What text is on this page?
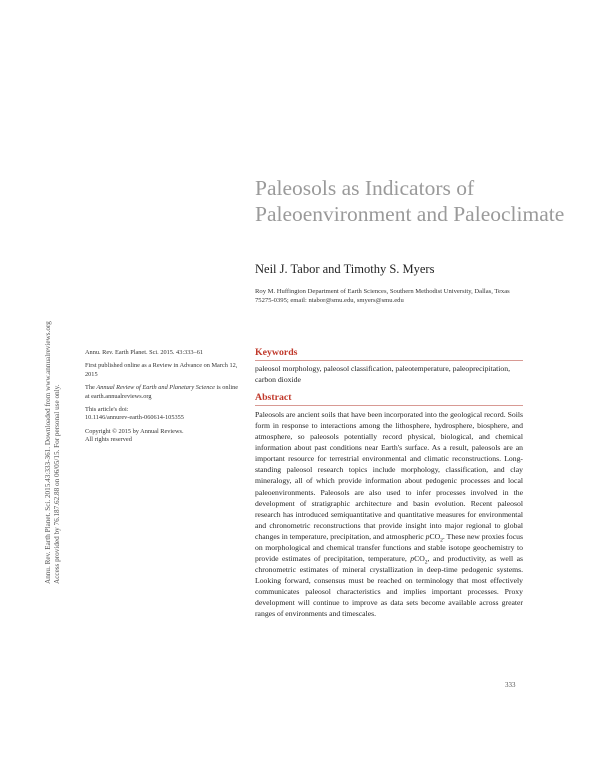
Annu. Rev. Earth Planet. Sci. 2015.43:333-361. Downloaded from www.annualreviews.org Access provided by 76.187.62.88 on 06/05/15. For personal use only.
Paleosols as Indicators of Paleoenvironment and Paleoclimate
Neil J. Tabor and Timothy S. Myers
Roy M. Huffington Department of Earth Sciences, Southern Methodist University, Dallas, Texas 75275-0395; email: ntabor@smu.edu, smyers@smu.edu

Annu. Rev. Earth Planet. Sci. 2015. 43:333–61

First published online as a Review in Advance on March 12, 2015

The Annual Review of Earth and Planetary Science is online at earth.annualreviews.org

This article's doi:
10.1146/annurev-earth-060614-105355

Copyright © 2015 by Annual Reviews.
All rights reserved

Keywords
paleosol morphology, paleosol classification, paleotemperature, paleoprecipitation, carbon dioxide
Abstract

Paleosols are ancient soils that have been incorporated into the geological record. Soils form in response to interactions among the lithosphere, hydrosphere, biosphere, and atmosphere, so paleosols potentially record physical, biological, and chemical information about past conditions near Earth's surface. As a result, paleosols are an important resource for terrestrial environmental and climatic reconstructions. Long-standing paleosol research topics include morphology, classification, and clay mineralogy, all of which provide information about pedogenic processes and local paleoenvironments. Paleosols are also used to infer processes involved in the development of stratigraphic architecture and basin evolution. Recent paleosol research has introduced semiquantitative and quantitative measures for environmental and chronometric reconstructions that provide insight into major regional to global changes in temperature, precipitation, and atmospheric pCO$_2$. These new proxies focus on morphological and chemical transfer functions and stable isotope geochemistry to provide estimates of precipitation, temperature, pCO$_2$, and productivity, as well as chronometric estimates of mineral crystallization in deep-time pedogenic systems. Looking forward, consensus must be reached on terminology that most effectively communicates paleosol characteristics and implies important processes. Proxy development will continue to improve as data sets become available across greater ranges of environments and timescales.

333
